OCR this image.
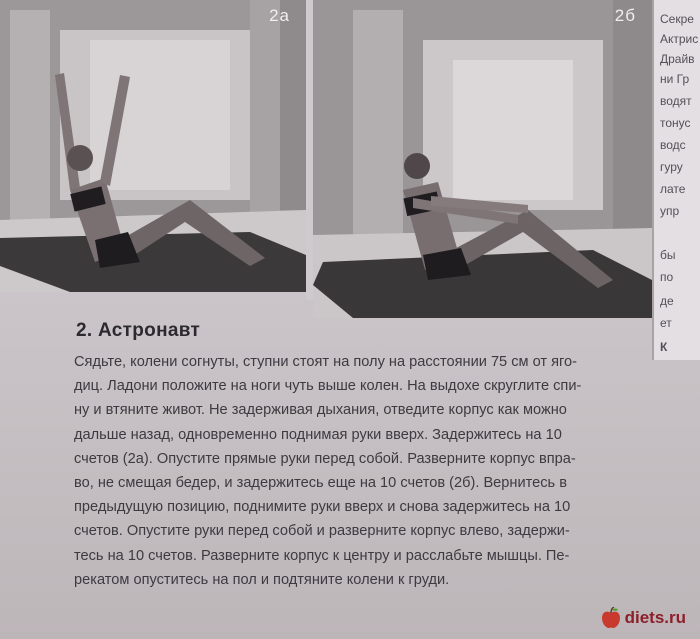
2а	2б Секре
Актрис
Драйв
ни Гр
водят
тонус
водс
гуру
лате
упр
бы
по
де
ет
К
2. Астронавт
Сядьте, колени согнуты, ступни стоят на полу на расстоянии 75 см от яго-
диц. Ладони положите на ноги чуть выше колен. На выдохе скруглите спи-
ну и втяните живот. Не задерживая дыхания, отведите корпус как можно
дальше назад, одновременно поднимая руки вверх. Задержитесь на 10
счетов (2а). Опустите прямые руки перед собой. Разверните корпус впра-
во, не смещая бедер, и задержитесь еще на 10 счетов (2б). Вернитесь в
предыдущую позицию, поднимите руки вверх и снова задержитесь на 10
счетов. Опустите руки перед собой и разверните корпус влево, задержи-
тесь на 10 счетов. Разверните корпус к центру и расслабьте мышцы. Пе-
рекатом опуститесь на пол и подтяните колени к груди.
diets.ru
